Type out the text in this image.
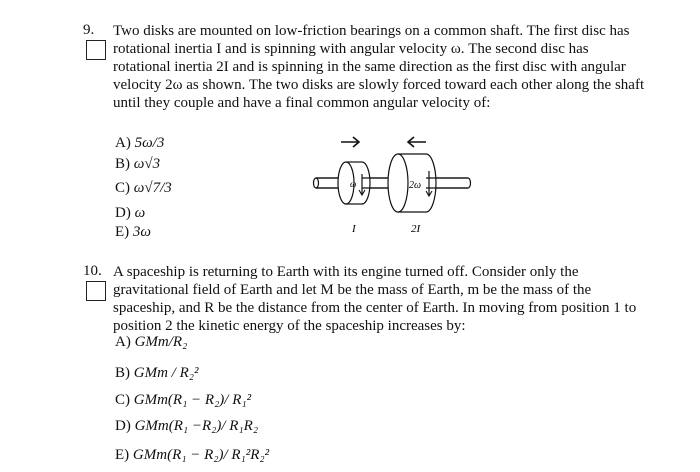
9. Two disks are mounted on low-friction bearings on a common shaft. The first disc has
rotational inertia I and is spinning with angular velocity ω. The second disc has
rotational inertia 2I and is spinning in the same direction as the first disc with angular
velocity 2ω as shown. The two disks are slowly forced toward each other along the shaft
until they couple and have a final common angular velocity of:
A) 5ω/3
B) ω√3
C) ω√7/3
D) ω
E) 3ω
ω	2ω
I	2I
10. A spaceship is returning to Earth with its engine turned off. Consider only the
gravitational field of Earth and let M be the mass of Earth, m be the mass of the
spaceship, and R be the distance from the center of Earth. In moving from position 1 to
position 2 the kinetic energy of the spaceship increases by:
A) GMm/R₂
B) GMm / R₂²
C) GMm(R₁ − R₂)/ R₁²
D) GMm(R₁ −R₂)/ R₁R₂
E) GMm(R₁ − R₂)/ R₁²R₂²
